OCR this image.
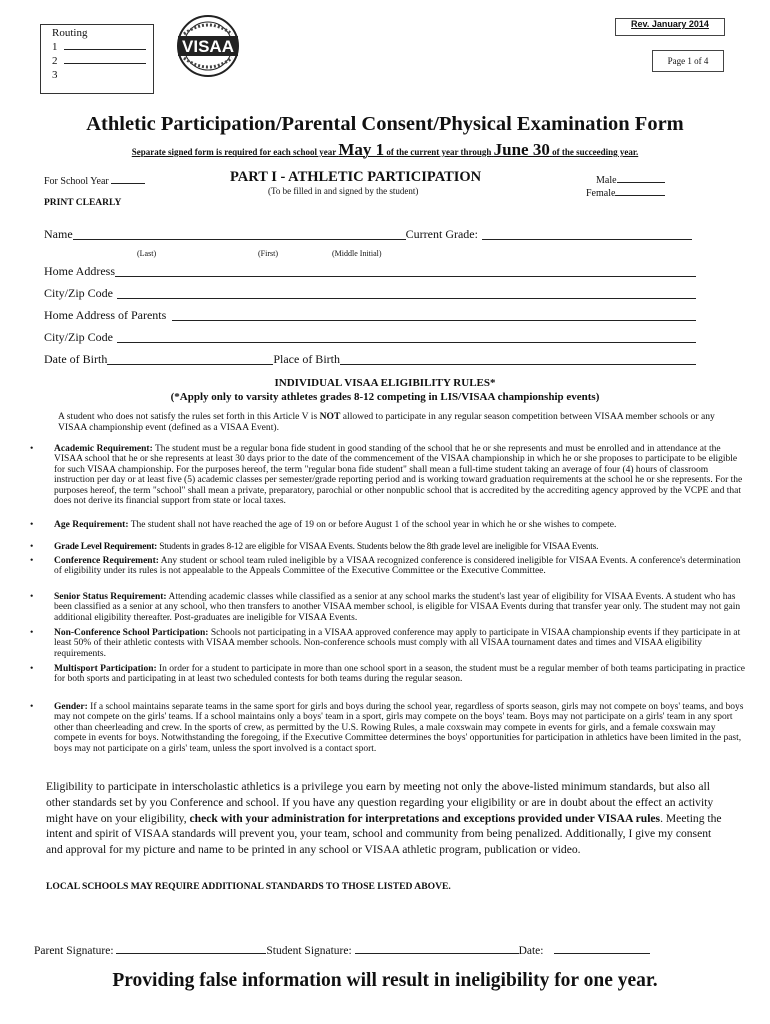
Routing
1
2
3
VISAA
Rev. January 2014
Page 1 of 4
Athletic Participation/Parental Consent/Physical Examination Form
Separate signed form is required for each school year May 1 of the current year through June 30 of the succeeding year.
For School Year	PART I - ATHLETIC PARTICIPATION
(To be filled in and signed by the student)
Male
Female
PRINT CLEARLY
Name	Current Grade:
(Last)	(First)	(Middle Initial)
Home Address
City/Zip Code
Home Address of Parents
City/Zip Code
Date of Birth	Place of Birth
INDIVIDUAL VISAA ELIGIBILITY RULES*
(*Apply only to varsity athletes grades 8-12 competing in LIS/VISAA championship events)
A student who does not satisfy the rules set forth in this Article V is NOT allowed to participate in any regular season competition between VISAA member schools or any VISAA championship event (defined as a VISAA Event).
• Academic Requirement: The student must be a regular bona fide student in good standing of the school that he or she represents and must be enrolled and in attendance at the VISAA school that he or she represents at least 30 days prior to the date of the commencement of the VISAA championship in which he or she proposes to participate to be eligible for such VISAA championship. For the purposes hereof, the term "regular bona fide student" shall mean a full-time student taking an average of four (4) hours of classroom instruction per day or at least five (5) academic classes per semester/grade reporting period and is working toward graduation requirements at the school he or she represents. For the purposes hereof, the term "school" shall mean a private, preparatory, parochial or other nonpublic school that is accredited by the accrediting agency approved by the VCPE and that does not derive its financial support from state or local taxes.
• Age Requirement: The student shall not have reached the age of 19 on or before August 1 of the school year in which he or she wishes to compete.
• Grade Level Requirement: Students in grades 8-12 are eligible for VISAA Events. Students below the 8th grade level are ineligible for VISAA Events.
• Conference Requirement: Any student or school team ruled ineligible by a VISAA recognized conference is considered ineligible for VISAA Events. A conference's determination of eligibility under its rules is not appealable to the Appeals Committee of the Executive Committee or the Executive Committee.
• Senior Status Requirement: Attending academic classes while classified as a senior at any school marks the student's last year of eligibility for VISAA Events. A student who has been classified as a senior at any school, who then transfers to another VISAA member school, is eligible for VISAA Events during that transfer year only. The student may not gain additional eligibility thereafter. Post-graduates are ineligible for VISAA Events.
• Non-Conference School Participation: Schools not participating in a VISAA approved conference may apply to participate in VISAA championship events if they participate in at least 50% of their athletic contests with VISAA member schools. Non-conference schools must comply with all VISAA tournament dates and times and VISAA eligibility requirements.
• Multisport Participation: In order for a student to participate in more than one school sport in a season, the student must be a regular member of both teams participating in practice for both sports and participating in at least two scheduled contests for both teams during the regular season.
• Gender: If a school maintains separate teams in the same sport for girls and boys during the school year, regardless of sports season, girls may not compete on boys' teams, and boys may not compete on the girls' teams. If a school maintains only a boys' team in a sport, girls may compete on the boys' team. Boys may not participate on a girls' team in any sport other than cheerleading and crew. In the sports of crew, as permitted by the U.S. Rowing Rules, a male coxswain may compete in events for girls, and a female coxswain may compete in events for boys. Notwithstanding the foregoing, if the Executive Committee determines the boys' opportunities for participation in athletics have been limited in the past, boys may not participate on a girls' team, unless the sport involved is a contact sport.
Eligibility to participate in interscholastic athletics is a privilege you earn by meeting not only the above-listed minimum standards, but also all other standards set by you Conference and school. If you have any question regarding your eligibility or are in doubt about the effect an activity might have on your eligibility, check with your administration for interpretations and exceptions provided under VISAA rules. Meeting the intent and spirit of VISAA standards will prevent you, your team, school and community from being penalized. Additionally, I give my consent and approval for my picture and name to be printed in any school or VISAA athletic program, publication or video.
LOCAL SCHOOLS MAY REQUIRE ADDITIONAL STANDARDS TO THOSE LISTED ABOVE.
Parent Signature:	Student Signature:	Date:
Providing false information will result in ineligibility for one year.
